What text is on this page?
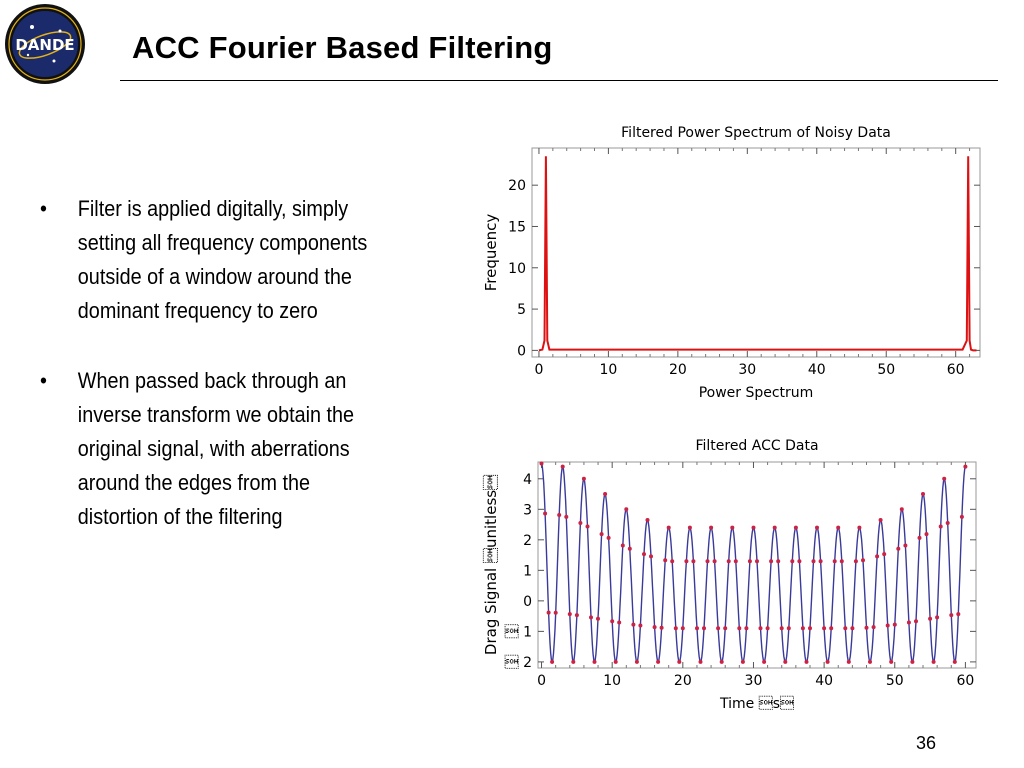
DANDE ACC Fourier Based Filtering
• Filter is applied digitally, simply setting all frequency components outside of a window around the dominant frequency to zero
• When passed back through an inverse transform we obtain the original signal, with aberrations around the edges from the distortion of the filtering
Filtered Power Spectrum of Noisy Data
0	10	20	30	40	50	60
0
5
10
15
20
Power Spectrum
Frequency
Filtered ACC Data
0	10	20	30	40	50	60
 2
 1
0
1
2
3
4
Time s
Drag Signal unitless
36
